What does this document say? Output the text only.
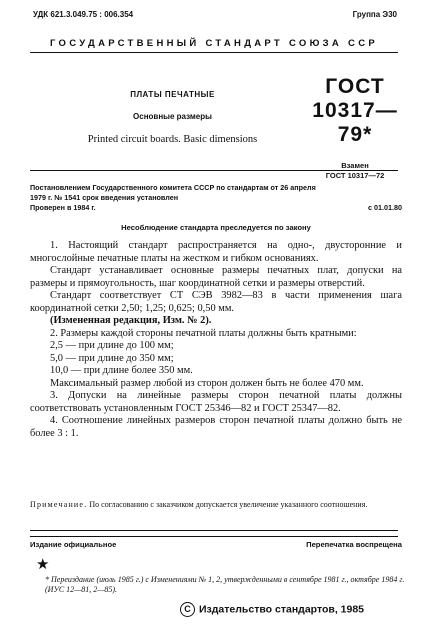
УДК 621.3.049.75 : 006.354	Группа Э30
ГОСУДАРСТВЕННЫЙ СТАНДАРТ СОЮЗА ССР
ПЛАТЫ ПЕЧАТНЫЕ
Основные размеры
Printed circuit boards. Basic dimensions
ГОСТ
10317—79*
Взамен
ГОСТ 10317—72
Постановлением Государственного комитета СССР по стандартам от 26 апреля
1979 г. № 1541 срок введения установлен
Проверен в 1984 г.	с 01.01.80
Несоблюдение стандарта преследуется по закону

1. Настоящий стандарт распространяется на одно-, двусторонние и многослойные печатные платы на жестком и гибком основаниях.

Стандарт устанавливает основные размеры печатных плат, допуски на размеры и прямоугольность, шаг координатной сетки и размеры отверстий.

Стандарт соответствует СТ СЭВ 3982—83 в части применения шага координатной сетки 2,50; 1,25; 0,625; 0,50 мм.

(Измененная редакция, Изм. № 2).

2. Размеры каждой стороны печатной платы должны быть кратными:

2,5 — при длине до 100 мм;

5,0 — при длине до 350 мм;

10,0 — при длине более 350 мм.

Максимальный размер любой из сторон должен быть не более 470 мм.

3. Допуски на линейные размеры сторон печатной платы должны соответствовать установленным ГОСТ 25346—82 и ГОСТ 25347—82.

4. Соотношение линейных размеров сторон печатной платы должно быть не более 3 : 1.

Примечание. По согласованию с заказчиком допускается увеличение указанного соотношения.
Издание официальное	Перепечатка воспрещена
★
* Переиздание (июль 1985 г.) с Изменениями № 1, 2, утвержденными в сентябре 1981 г., октябре 1984 г. (ИУС 12—81, 2—85).
C Издательство стандартов, 1985
